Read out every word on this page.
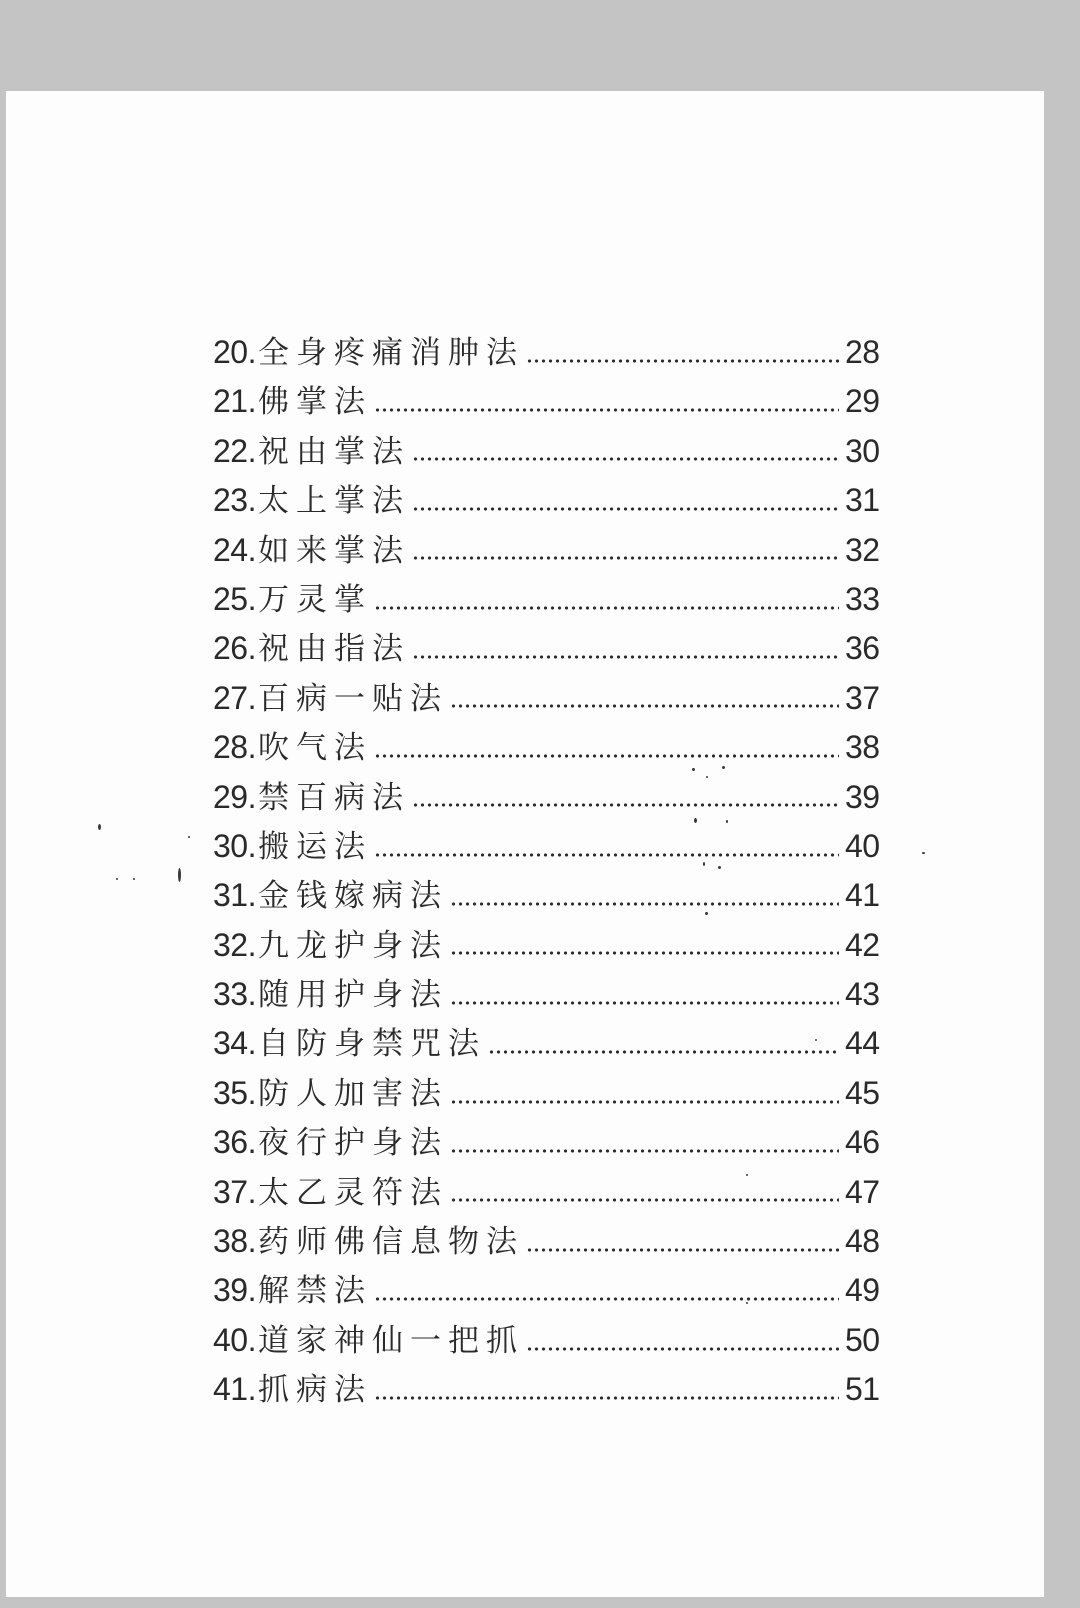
20. 全身疼痛消肿法	28
21. 佛掌法	29
22. 祝由掌法	30
23. 太上掌法	31
24. 如来掌法	32
25. 万灵掌	33
26. 祝由指法	36
27. 百病一贴法	37
28. 吹气法	38
29. 禁百病法	39
30. 搬运法	40
31. 金钱嫁病法	41
32. 九龙护身法	42
33. 随用护身法	43
34. 自防身禁咒法	44
35. 防人加害法	45
36. 夜行护身法	46
37. 太乙灵符法	47
38. 药师佛信息物法	48
39. 解禁法	49
40. 道家神仙一把抓	50
41. 抓病法	51
